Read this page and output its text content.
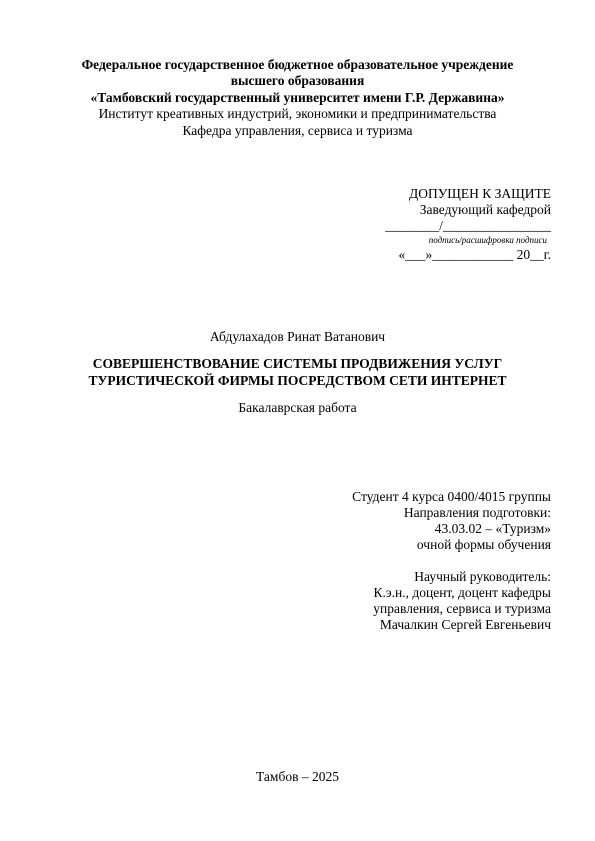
Федеральное государственное бюджетное образовательное учреждение
высшего образования
«Тамбовский государственный университет имени Г.Р. Державина»
Институт креативных индустрий, экономики и предпринимательства
Кафедра управления, сервиса и туризма
ДОПУЩЕН К ЗАЩИТЕ
Заведующий кафедрой
________/________________
подпись/расшифровка подписи
«___»____________ 20__г.
Абдулахадов Ринат Ватанович
СОВЕРШЕНСТВОВАНИЕ СИСТЕМЫ ПРОДВИЖЕНИЯ УСЛУГ
ТУРИСТИЧЕСКОЙ ФИРМЫ ПОСРЕДСТВОМ СЕТИ ИНТЕРНЕТ
Бакалаврская работа
Студент 4 курса 0400/4015 группы
Направления подготовки:
43.03.02 – «Туризм»
очной формы обучения
Научный руководитель:
К.э.н., доцент, доцент кафедры
управления, сервиса и туризма
Мачалкин Сергей Евгеньевич
Тамбов – 2025
